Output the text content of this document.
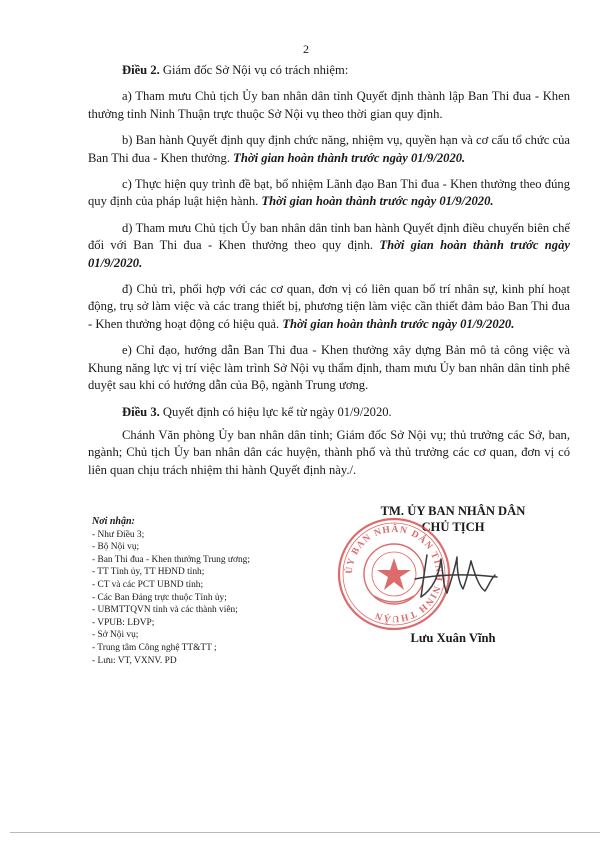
2

Điều 2. Giám đốc Sở Nội vụ có trách nhiệm:

a) Tham mưu Chủ tịch Ủy ban nhân dân tỉnh Quyết định thành lập Ban Thi đua - Khen thưởng tỉnh Ninh Thuận trực thuộc Sở Nội vụ theo thời gian quy định.

b) Ban hành Quyết định quy định chức năng, nhiệm vụ, quyền hạn và cơ cấu tổ chức của Ban Thi đua - Khen thưởng. Thời gian hoàn thành trước ngày 01/9/2020.

c) Thực hiện quy trình đề bạt, bổ nhiệm Lãnh đạo Ban Thi đua - Khen thưởng theo đúng quy định của pháp luật hiện hành. Thời gian hoàn thành trước ngày 01/9/2020.

d) Tham mưu Chủ tịch Ủy ban nhân dân tỉnh ban hành Quyết định điều chuyển biên chế đối với Ban Thi đua - Khen thưởng theo quy định. Thời gian hoàn thành trước ngày 01/9/2020.

đ) Chủ trì, phối hợp với các cơ quan, đơn vị có liên quan bố trí nhân sự, kinh phí hoạt động, trụ sở làm việc và các trang thiết bị, phương tiện làm việc cần thiết đảm bảo Ban Thi đua - Khen thưởng hoạt động có hiệu quả. Thời gian hoàn thành trước ngày 01/9/2020.

e) Chỉ đạo, hướng dẫn Ban Thi đua - Khen thưởng xây dựng Bản mô tả công việc và Khung năng lực vị trí việc làm trình Sở Nội vụ thẩm định, tham mưu Ủy ban nhân dân tỉnh phê duyệt sau khi có hướng dẫn của Bộ, ngành Trung ương.

Điều 3. Quyết định có hiệu lực kể từ ngày 01/9/2020.

Chánh Văn phòng Ủy ban nhân dân tỉnh; Giám đốc Sở Nội vụ; thủ trưởng các Sở, ban, ngành; Chủ tịch Ủy ban nhân dân các huyện, thành phố và thủ trưởng các cơ quan, đơn vị có liên quan chịu trách nhiệm thi hành Quyết định này./.

Nơi nhận:
- Như Điều 3;
- Bộ Nội vụ;
- Ban Thi đua - Khen thưởng Trung ương;
- TT Tỉnh ủy, TT HĐND tỉnh;
- CT và các PCT UBND tỉnh;
- Các Ban Đảng trực thuộc Tỉnh ủy;
- UBMTTQVN tỉnh và các thành viên;
- VPUB: LĐVP;
- Sở Nội vụ;
- Trung tâm Công nghệ TT&TT ;
- Lưu: VT, VXNV. PD
TM. ỦY BAN NHÂN DÂN
CHỦ TỊCH
ỦY BAN NHÂN DÂN TỈNH NINH THUẬN
Lưu Xuân Vĩnh
